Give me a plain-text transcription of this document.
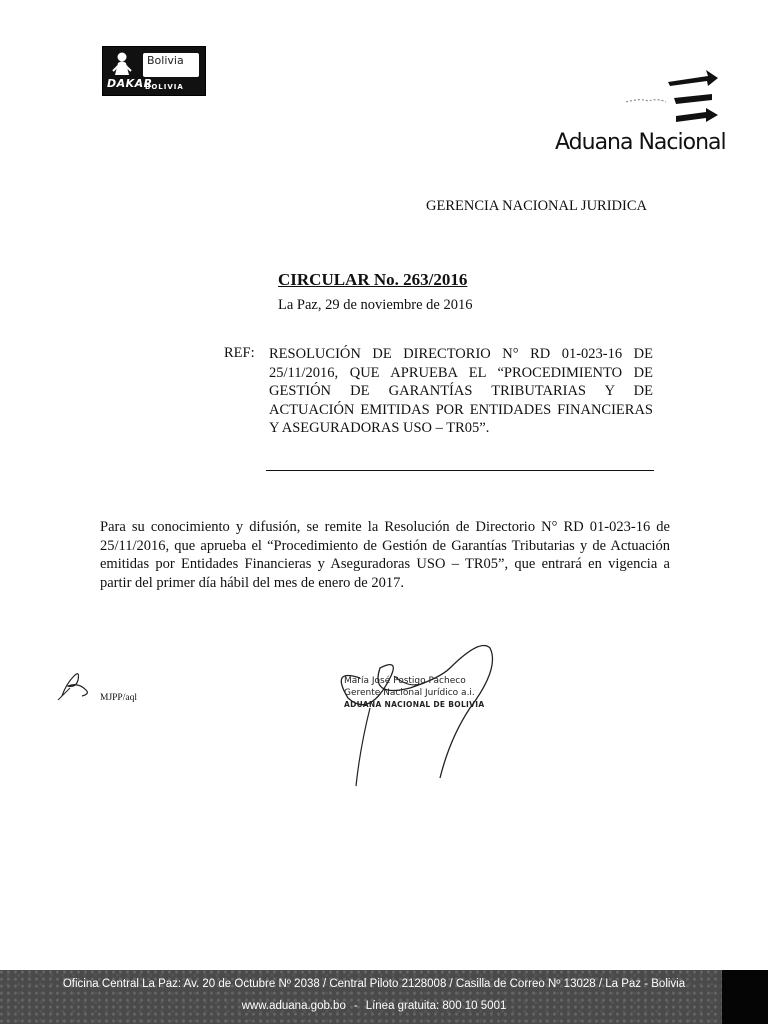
DAKAR
Bolivia
BOLIVIA
Aduana Nacional
GERENCIA NACIONAL JURIDICA
CIRCULAR No. 263/2016
La Paz, 29 de noviembre de 2016
REF: RESOLUCIÓN DE DIRECTORIO N° RD 01-023-16 DE 25/11/2016, QUE APRUEBA EL “PROCEDIMIENTO DE GESTIÓN DE GARANTÍAS TRIBUTARIAS Y DE ACTUACIÓN EMITIDAS POR ENTIDADES FINANCIERAS Y ASEGURADORAS USO – TR05”.
Para su conocimiento y difusión, se remite la Resolución de Directorio N° RD 01-023-16 de 25/11/2016, que aprueba el “Procedimiento de Gestión de Garantías Tributarias y de Actuación emitidas por Entidades Financieras y Aseguradoras USO – TR05”, que entrará en vigencia a partir del primer día hábil del mes de enero de 2017.
MJPP/aql
María José Postigo Pacheco
Gerente Nacional Jurídico a.i.
ADUANA NACIONAL DE BOLIVIA
Oficina Central La Paz: Av. 20 de Octubre Nº 2038 / Central Piloto 2128008 / Casilla de Correo Nº 13028 / La Paz - Bolivia
www.aduana.gob.bo - Línea gratuita: 800 10 5001
